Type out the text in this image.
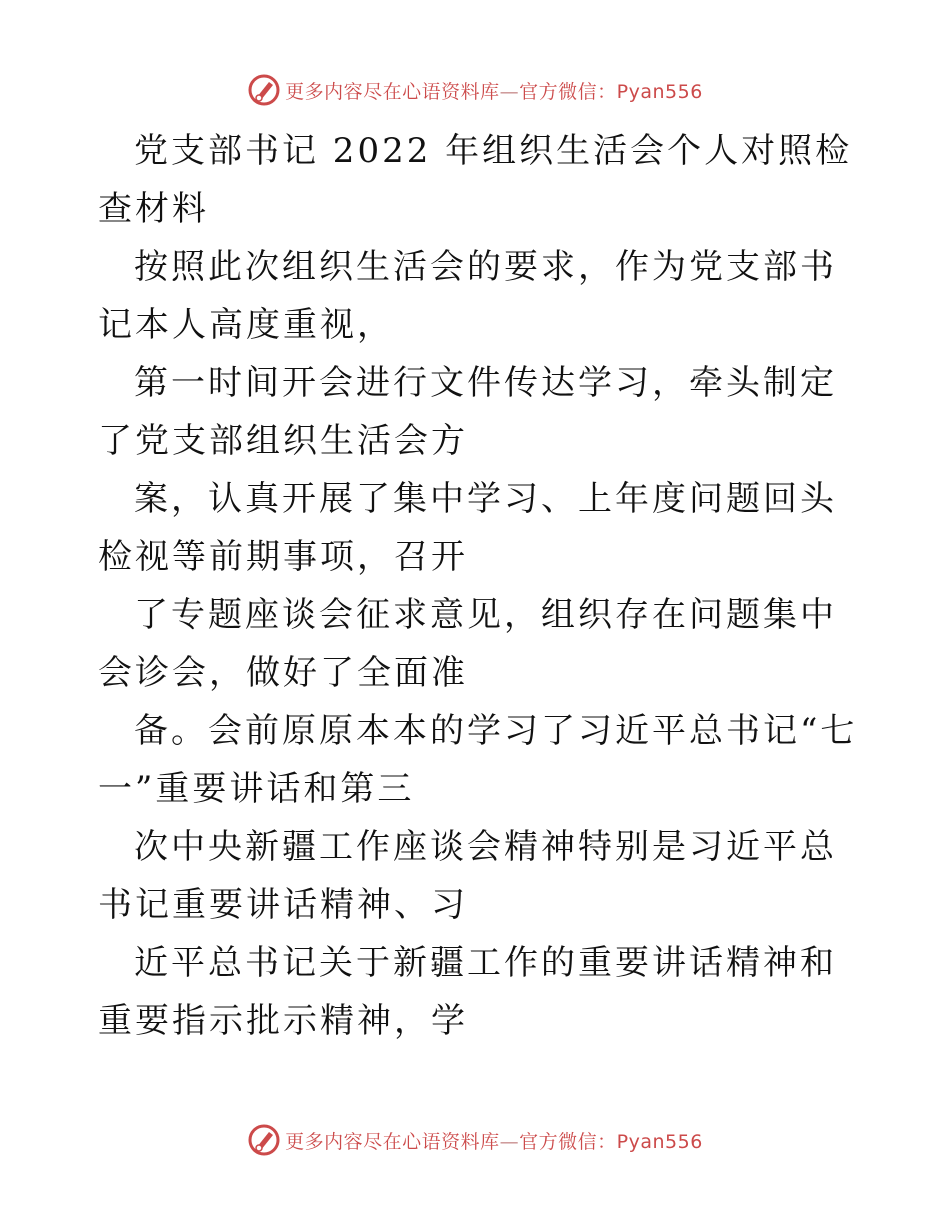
更多内容尽在心语资料库—官方微信：Pyan556

党支部书记 2022 年组织生活会个人对照检查材料

按照此次组织生活会的要求，作为党支部书记本人高度重视，

第一时间开会进行文件传达学习，牵头制定了党支部组织生活会方

案，认真开展了集中学习、上年度问题回头检视等前期事项，召开

了专题座谈会征求意见，组织存在问题集中会诊会，做好了全面准

备。会前原原本本的学习了习近平总书记“七一”重要讲话和第三

次中央新疆工作座谈会精神特别是习近平总书记重要讲话精神、习

近平总书记关于新疆工作的重要讲话精神和重要指示批示精神，学

更多内容尽在心语资料库—官方微信：Pyan556
